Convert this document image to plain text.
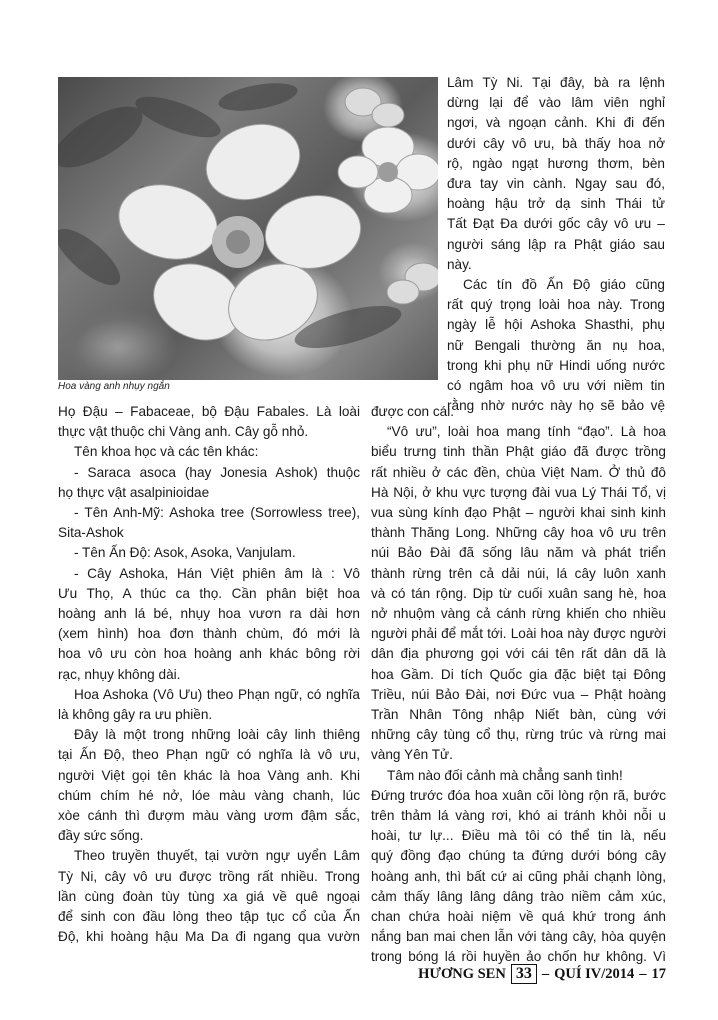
Hoa vàng anh nhụy ngắn
Lâm Tỳ Ni. Tại đây, bà ra lệnh
dừng lại để vào lâm viên nghỉ
ngơi, và ngoạn cảnh. Khi đi đến
dưới cây vô ưu, bà thấy hoa nở
rộ, ngào ngạt hương thơm, bèn
đưa tay vin cành. Ngay sau đó,
hoàng hậu trở dạ sinh Thái tử
Tất Đạt Đa dưới gốc cây vô ưu –
người sáng lập ra Phật giáo sau
này.
Các tín đồ Ấn Độ giáo cũng
rất quý trọng loài hoa này. Trong
ngày lễ hội Ashoka Shasthi, phụ
nữ Bengali thường ăn nụ hoa,
trong khi phụ nữ Hindi uống nước
có ngâm hoa vô ưu với niềm tin
rằng nhờ nước này họ sẽ bảo vệ
Họ Đậu – Fabaceae, bộ Đậu Fabales. Là loài
thực vật thuộc chi Vàng anh. Cây gỗ nhỏ.
Tên khoa học và các tên khác:
- Saraca asoca (hay Jonesia Ashok) thuộc
họ thực vật asalpinioidae
- Tên Anh-Mỹ: Ashoka tree (Sorrowless tree),
Sita-Ashok
- Tên Ấn Độ: Asok, Asoka, Vanjulam.
- Cây Ashoka, Hán Việt phiên âm là : Vô
Ưu Thọ, A thúc ca thọ. Cần phân biệt hoa
hoàng anh lá bé, nhụy hoa vươn ra dài hơn
(xem hình) hoa đơn thành chùm, đó mới là
hoa vô ưu còn hoa hoàng anh khác bông rời
rạc, nhụy không dài.
Hoa Ashoka (Vô Ưu) theo Phạn ngữ, có nghĩa
là không gây ra ưu phiền.
Đây là một trong những loài cây linh thiêng
tại Ấn Độ, theo Phạn ngữ có nghĩa là vô ưu,
người Việt gọi tên khác là hoa Vàng anh. Khi
chúm chím hé nở, lóe màu vàng chanh, lúc
xòe cánh thì đượm màu vàng ươm đậm sắc,
đầy sức sống.
Theo truyền thuyết, tại vườn ngự uyển Lâm
Tỳ Ni, cây vô ưu được trồng rất nhiều. Trong
lần cùng đoàn tùy tùng xa giá về quê ngoại
để sinh con đầu lòng theo tập tục cổ của Ấn
Độ, khi hoàng hậu Ma Da đi ngang qua vườn
được con cái.
“Vô ưu”, loài hoa mang tính “đạo”. Là hoa
biểu trưng tinh thần Phật giáo đã được trồng
rất nhiều ở các đền, chùa Việt Nam. Ở thủ đô
Hà Nội, ở khu vực tượng đài vua Lý Thái Tổ, vị
vua sùng kính đạo Phật – người khai sinh kinh
thành Thăng Long. Những cây hoa vô ưu trên
núi Bảo Đài đã sống lâu năm và phát triển
thành rừng trên cả dải núi, lá cây luôn xanh
và có tán rộng. Dịp từ cuối xuân sang hè, hoa
nở nhuộm vàng cả cánh rừng khiến cho nhiều
người phải để mắt tới. Loài hoa này được người
dân địa phương gọi với cái tên rất dân dã là
hoa Gầm. Di tích Quốc gia đặc biệt tại Đông
Triều, núi Bảo Đài, nơi Đức vua – Phật hoàng
Trần Nhân Tông nhập Niết bàn, cùng với
những cây tùng cổ thụ, rừng trúc và rừng mai
vàng Yên Tử.
Tâm nào đối cảnh mà chẳng sanh tình!
Đứng trước đóa hoa xuân cõi lòng rộn rã, bước
trên thảm lá vàng rơi, khó ai tránh khỏi nỗi u
hoài, tư lự... Điều mà tôi có thể tin là, nếu
quý đồng đạo chúng ta đứng dưới bóng cây
hoàng anh, thì bất cứ ai cũng phải chạnh lòng,
cảm thấy lâng lâng dâng trào niềm cảm xúc,
chan chứa hoài niệm về quá khứ trong ánh
nắng ban mai chen lẫn với tàng cây, hòa quyện
trong bóng lá rồi huyền ảo chốn hư không. Vì
HƯƠNG SEN 33 – QUÍ IV/2014 – 17
